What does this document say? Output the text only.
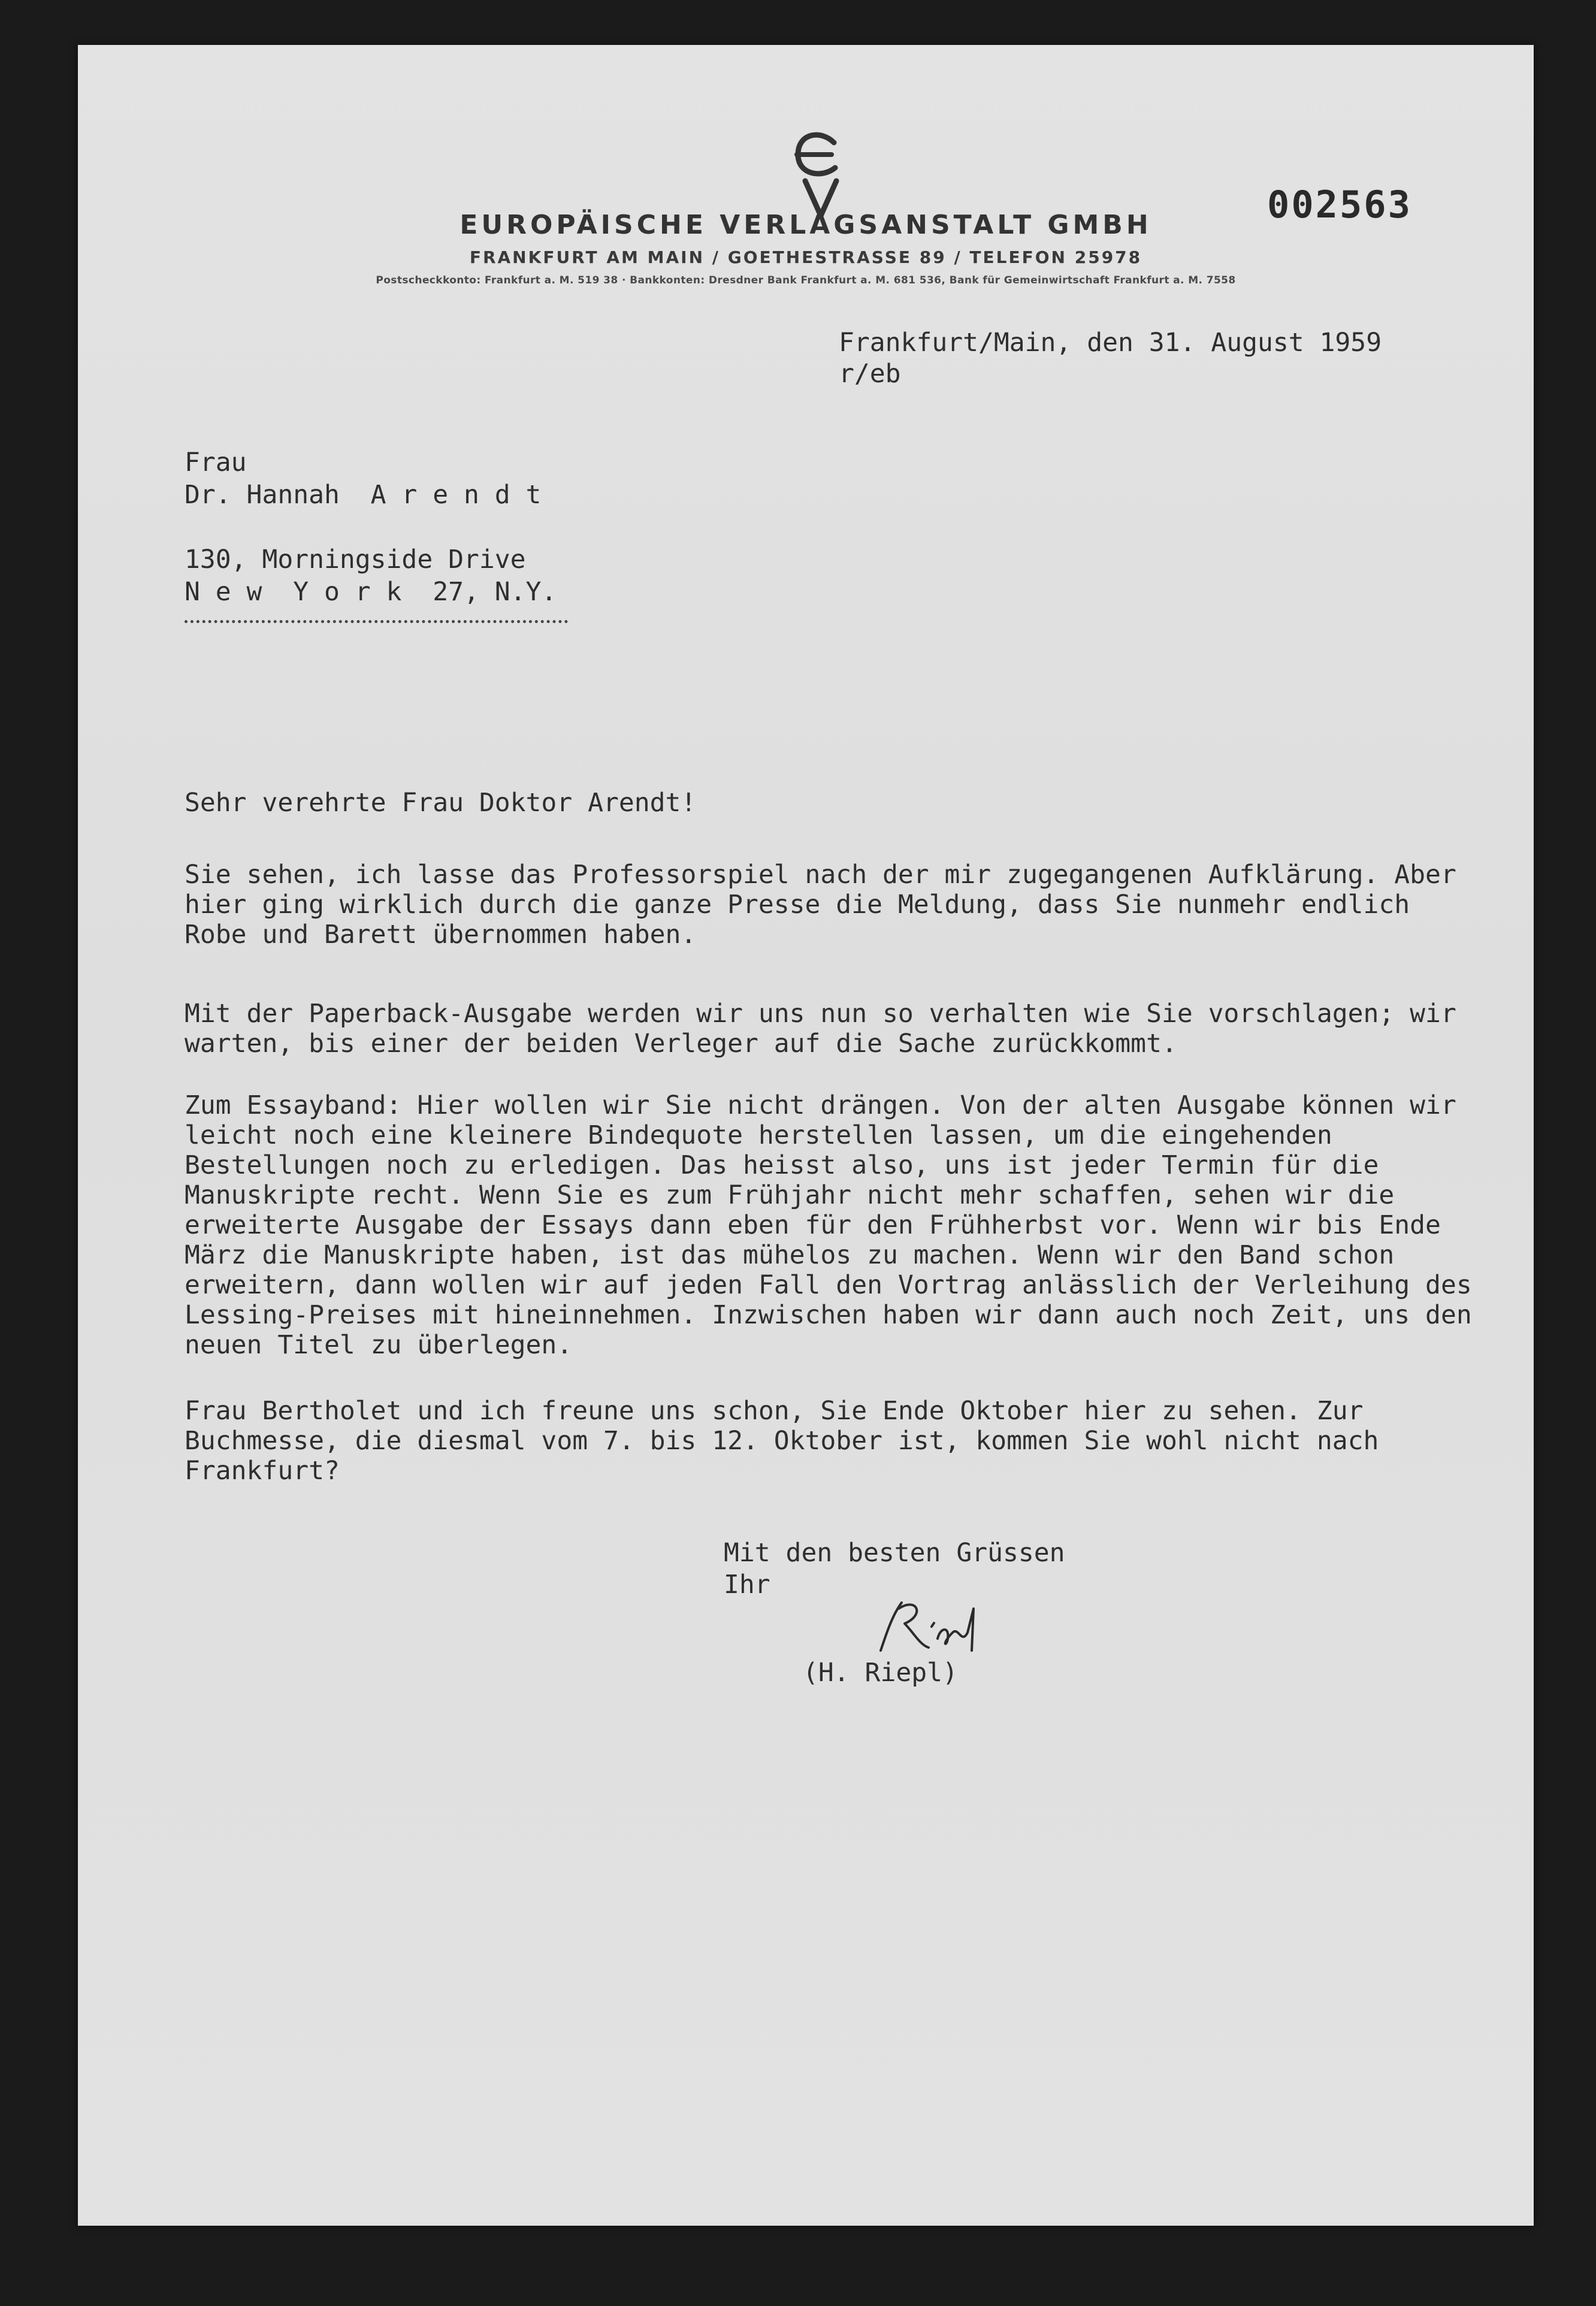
EUROPÄISCHE VERLAGSANSTALT GMBH
FRANKFURT AM MAIN / GOETHESTRASSE 89 / TELEFON 25978
Postscheckkonto: Frankfurt a. M. 519 38 · Bankkonten: Dresdner Bank Frankfurt a. M. 681 536, Bank für Gemeinwirtschaft Frankfurt a. M. 7558
002563
Frankfurt/Main, den 31. August 1959
r/eb
Frau
Dr. Hannah  A r e n d t
130, Morningside Drive
N e w  Y o r k  27, N.Y.
Sehr verehrte Frau Doktor Arendt!

Sie sehen, ich lasse das Professorspiel nach der mir zugegangenen Aufklärung. Aber hier ging wirklich durch die ganze Presse die Meldung, dass Sie nunmehr endlich Robe und Barett übernommen haben.

Mit der Paperback-Ausgabe werden wir uns nun so verhalten wie Sie vorschlagen; wir warten, bis einer der beiden Verleger auf die Sache zurückkommt.

Zum Essayband: Hier wollen wir Sie nicht drängen. Von der alten Ausgabe können wir leicht noch eine kleinere Bindequote herstellen lassen, um die eingehenden Bestellungen noch zu erledigen. Das heisst also, uns ist jeder Termin für die Manuskripte recht. Wenn Sie es zum Frühjahr nicht mehr schaffen, sehen wir die erweiterte Ausgabe der Essays dann eben für den Frühherbst vor. Wenn wir bis Ende März die Manuskripte haben, ist das mühelos zu machen. Wenn wir den Band schon erweitern, dann wollen wir auf jeden Fall den Vortrag anlässlich der Verleihung des Lessing-Preises mit hineinnehmen. Inzwischen haben wir dann auch noch Zeit, uns den neuen Titel zu überlegen.

Frau Bertholet und ich freune uns schon, Sie Ende Oktober hier zu sehen. Zur Buchmesse, die diesmal vom 7. bis 12. Oktober ist, kommen Sie wohl nicht nach Frankfurt?

Mit den besten Grüssen
Ihr
(H. Riepl)
